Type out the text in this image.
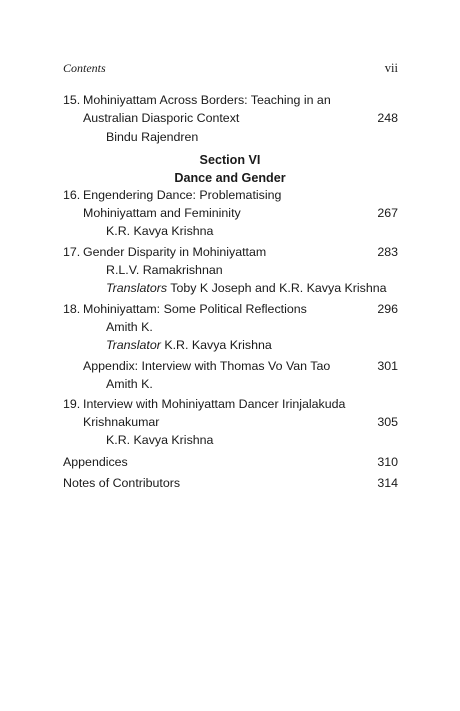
Contents	vii
15. Mohiniyattam Across Borders: Teaching in an
Australian Diasporic Context	248
Bindu Rajendren
Section VI
Dance and Gender
16. Engendering Dance: Problematising
Mohiniyattam and Femininity	267
K.R. Kavya Krishna
17. Gender Disparity in Mohiniyattam	283
R.L.V. Ramakrishnan
Translators Toby K Joseph and K.R. Kavya Krishna
18. Mohiniyattam: Some Political Reflections	296
Amith K.
Translator K.R. Kavya Krishna
Appendix: Interview with Thomas Vo Van Tao	301
Amith K.
19. Interview with Mohiniyattam Dancer Irinjalakuda
Krishnakumar	305
K.R. Kavya Krishna
Appendices	310
Notes of Contributors	314
